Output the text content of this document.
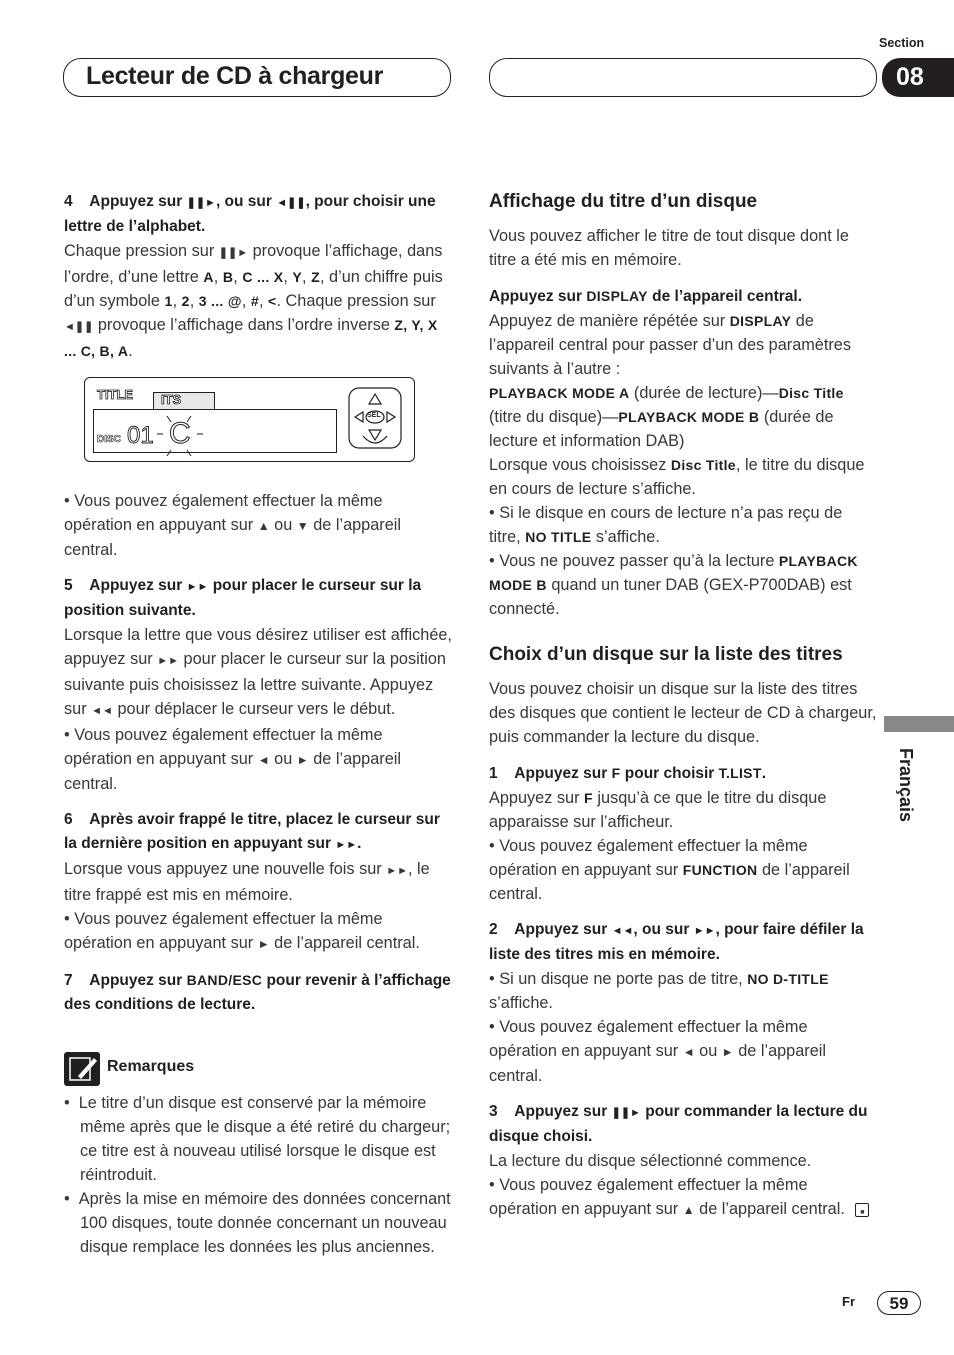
Section
Lecteur de CD à chargeur	08

4 Appuyez sur ❚❚►, ou sur ◄❚❚, pour choisir une lettre de l’alphabet.

Chaque pression sur ❚❚► provoque l’affichage, dans l’ordre, d’une lettre A, B, C ... X, Y, Z, d’un chiffre puis d’un symbole 1, 2, 3 ... @, #, <. Chaque pression sur ◄❚❚ provoque l’affichage dans l’ordre inverse Z, Y, X ... C, B, A.

TITLE ITS
DISC 01 C
SEL

• Vous pouvez également effectuer la même opération en appuyant sur ▲ ou ▼ de l’appareil central.

5 Appuyez sur ►► pour placer le curseur sur la position suivante.

Lorsque la lettre que vous désirez utiliser est affichée, appuyez sur ►► pour placer le curseur sur la position suivante puis choisissez la lettre suivante. Appuyez sur ◄◄ pour déplacer le curseur vers le début.

• Vous pouvez également effectuer la même opération en appuyant sur ◄ ou ► de l’appareil central.

6 Après avoir frappé le titre, placez le curseur sur la dernière position en appuyant sur ►►.

Lorsque vous appuyez une nouvelle fois sur ►►, le titre frappé est mis en mémoire.

• Vous pouvez également effectuer la même opération en appuyant sur ► de l’appareil central.

7 Appuyez sur BAND/ESC pour revenir à l’affichage des conditions de lecture.

Remarques

•  Le titre d’un disque est conservé par la mémoire même après que le disque a été retiré du chargeur; ce titre est à nouveau utilisé lorsque le disque est réintroduit.

•  Après la mise en mémoire des données concernant 100 disques, toute donnée concernant un nouveau disque remplace les données les plus anciennes.

Affichage du titre d’un disque

Vous pouvez afficher le titre de tout disque dont le titre a été mis en mémoire.

Appuyez sur DISPLAY de l’appareil central.

Appuyez de manière répétée sur DISPLAY de l’appareil central pour passer d’un des paramètres suivants à l’autre :

PLAYBACK MODE A (durée de lecture)—Disc Title (titre du disque)—PLAYBACK MODE B (durée de lecture et information DAB)

Lorsque vous choisissez Disc Title, le titre du disque en cours de lecture s’affiche.

• Si le disque en cours de lecture n’a pas reçu de titre, NO TITLE s’affiche.

• Vous ne pouvez passer qu’à la lecture PLAYBACK MODE B quand un tuner DAB (GEX-P700DAB) est connecté.

Choix d’un disque sur la liste des titres

Vous pouvez choisir un disque sur la liste des titres des disques que contient le lecteur de CD à chargeur, puis commander la lecture du disque.

1 Appuyez sur F pour choisir T.LIST.

Appuyez sur F jusqu’à ce que le titre du disque apparaisse sur l’afficheur.

• Vous pouvez également effectuer la même opération en appuyant sur FUNCTION de l’appareil central.

2 Appuyez sur ◄◄, ou sur ►►, pour faire défiler la liste des titres mis en mémoire.

• Si un disque ne porte pas de titre, NO D-TITLE s’affiche.

• Vous pouvez également effectuer la même opération en appuyant sur ◄ ou ► de l’appareil central.

3 Appuyez sur ❚❚► pour commander la lecture du disque choisi.

La lecture du disque sélectionné commence.

• Vous pouvez également effectuer la même opération en appuyant sur ▲ de l’appareil central. ■

Français
Fr	59
